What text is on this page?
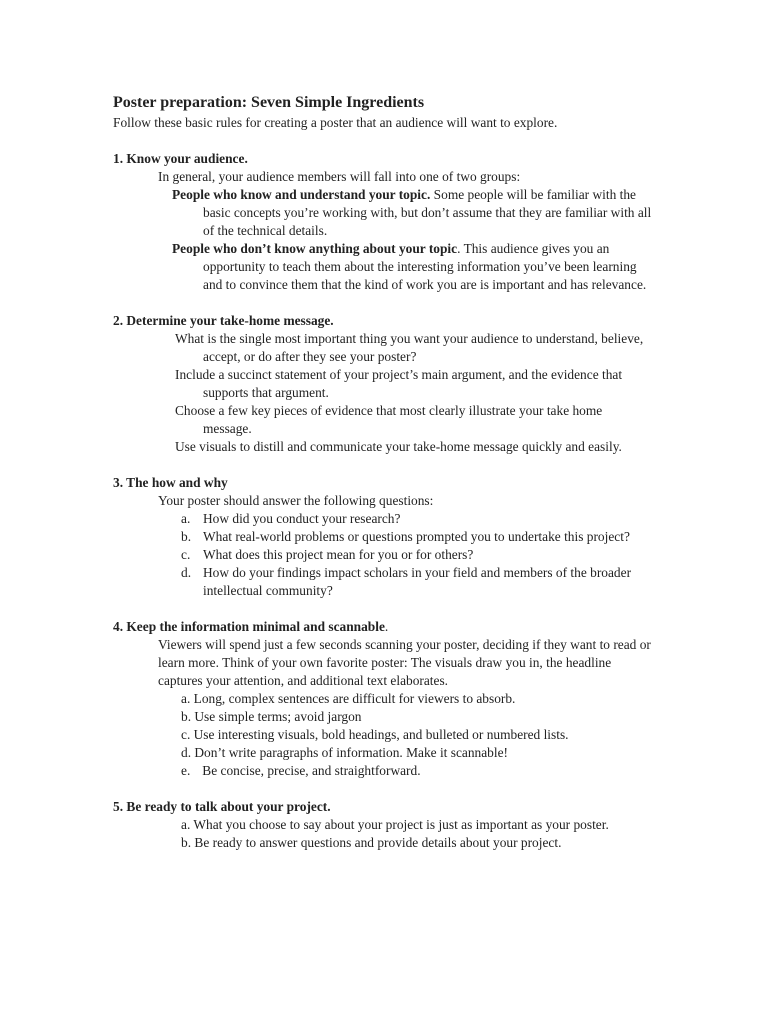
Poster preparation: Seven Simple Ingredients

Follow these basic rules for creating a poster that an audience will want to explore.

1. Know your audience.

In general, your audience members will fall into one of two groups:

People who know and understand your topic. Some people will be familiar with the basic concepts you’re working with, but don’t assume that they are familiar with all of the technical details.

People who don’t know anything about your topic. This audience gives you an opportunity to teach them about the interesting information you’ve been learning and to convince them that the kind of work you are is important and has relevance.

2. Determine your take-home message.

What is the single most important thing you want your audience to understand, believe, accept, or do after they see your poster?

Include a succinct statement of your project’s main argument, and the evidence that supports that argument.

Choose a few key pieces of evidence that most clearly illustrate your take home message.

Use visuals to distill and communicate your take-home message quickly and easily.

3. The how and why

Your poster should answer the following questions:

a. How did you conduct your research?

b. What real-world problems or questions prompted you to undertake this project?

c. What does this project mean for you or for others?

d. How do your findings impact scholars in your field and members of the broader intellectual community?

4. Keep the information minimal and scannable.

Viewers will spend just a few seconds scanning your poster, deciding if they want to read or learn more. Think of your own favorite poster: The visuals draw you in, the headline captures your attention, and additional text elaborates.

a. Long, complex sentences are difficult for viewers to absorb.

b. Use simple terms; avoid jargon

c. Use interesting visuals, bold headings, and bulleted or numbered lists.

d. Don’t write paragraphs of information. Make it scannable!

e. Be concise, precise, and straightforward.

5. Be ready to talk about your project.

a. What you choose to say about your project is just as important as your poster.

b. Be ready to answer questions and provide details about your project.
